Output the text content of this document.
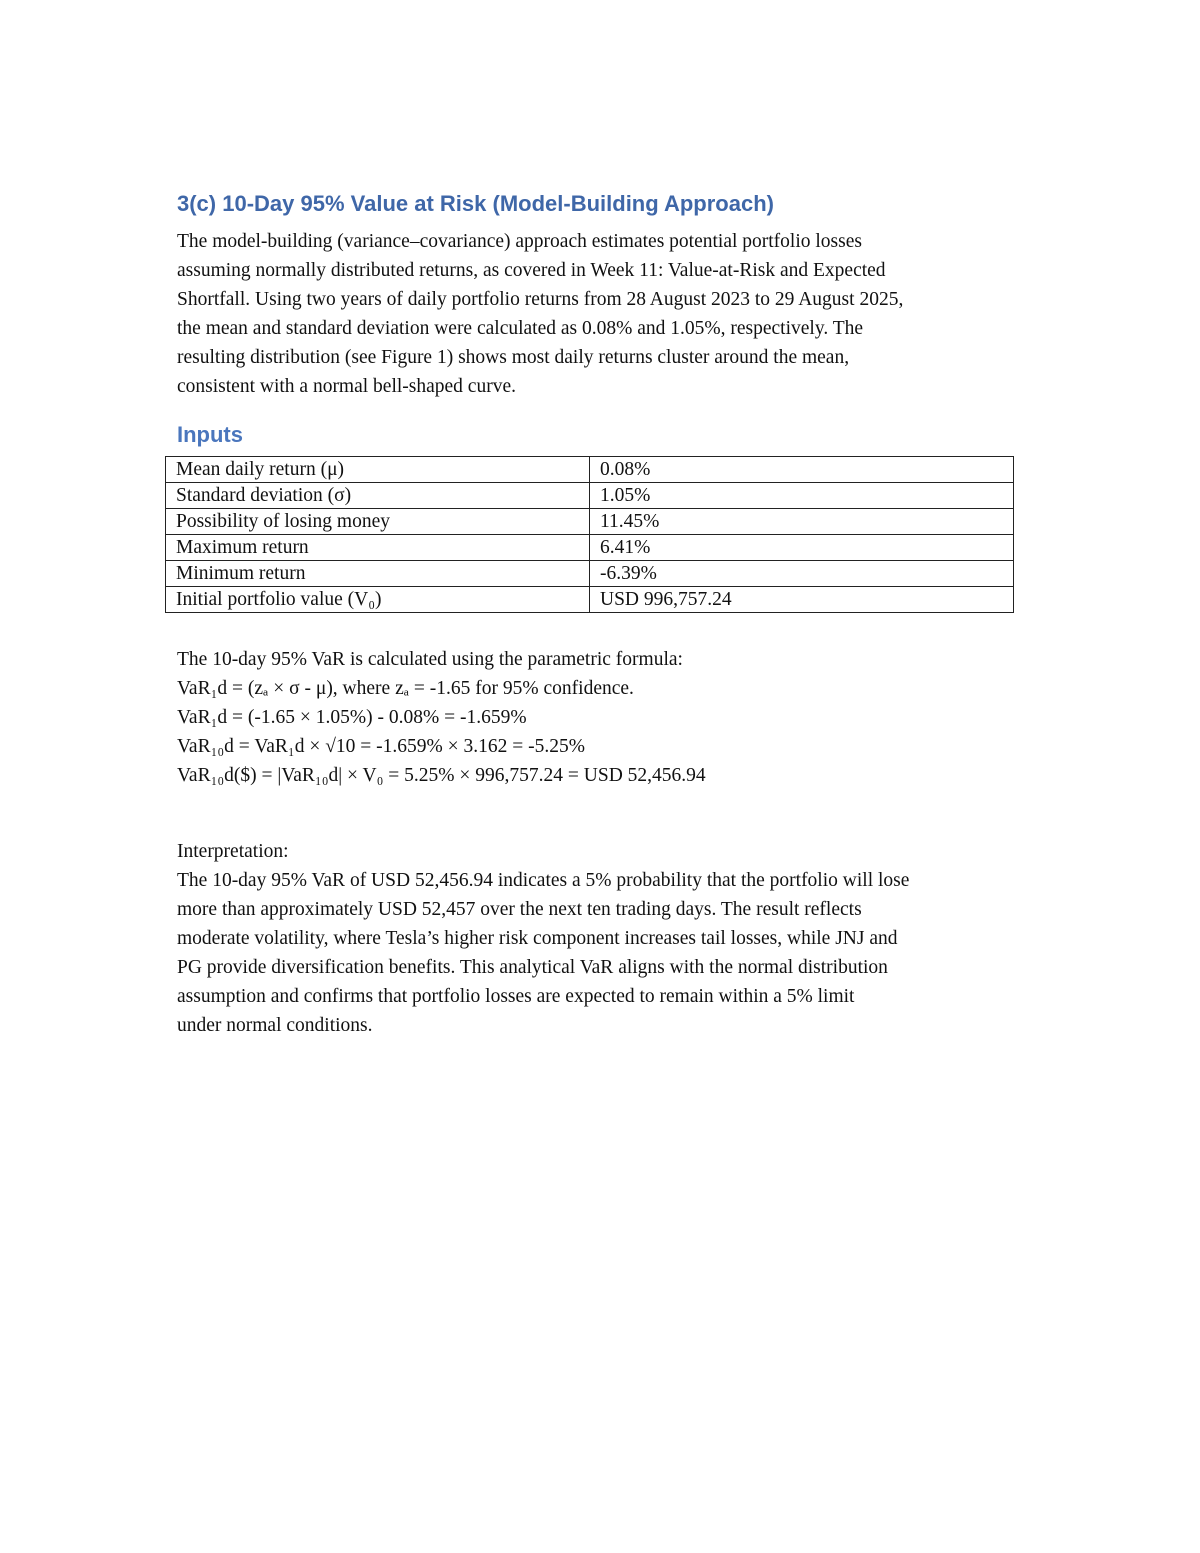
3(c) 10-Day 95% Value at Risk (Model-Building Approach)
The model-building (variance–covariance) approach estimates potential portfolio losses
assuming normally distributed returns, as covered in Week 11: Value-at-Risk and Expected
Shortfall. Using two years of daily portfolio returns from 28 August 2023 to 29 August 2025,
the mean and standard deviation were calculated as 0.08% and 1.05%, respectively. The
resulting distribution (see Figure 1) shows most daily returns cluster around the mean,
consistent with a normal bell-shaped curve.
Inputs
Mean daily return (μ)	0.08%
Standard deviation (σ)	1.05%
Possibility of losing money	11.45%
Maximum return	6.41%
Minimum return	-6.39%
Initial portfolio value (V₀)	USD 996,757.24
The 10-day 95% VaR is calculated using the parametric formula:
VaR₁d = (zₐ × σ - μ), where zₐ = -1.65 for 95% confidence.
VaR₁d = (-1.65 × 1.05%) - 0.08% = -1.659%
VaR₁₀d = VaR₁d × √10 = -1.659% × 3.162 = -5.25%
VaR₁₀d($) = |VaR₁₀d| × V₀ = 5.25% × 996,757.24 = USD 52,456.94
Interpretation:
The 10-day 95% VaR of USD 52,456.94 indicates a 5% probability that the portfolio will lose
more than approximately USD 52,457 over the next ten trading days. The result reflects
moderate volatility, where Tesla’s higher risk component increases tail losses, while JNJ and
PG provide diversification benefits. This analytical VaR aligns with the normal distribution
assumption and confirms that portfolio losses are expected to remain within a 5% limit
under normal conditions.
